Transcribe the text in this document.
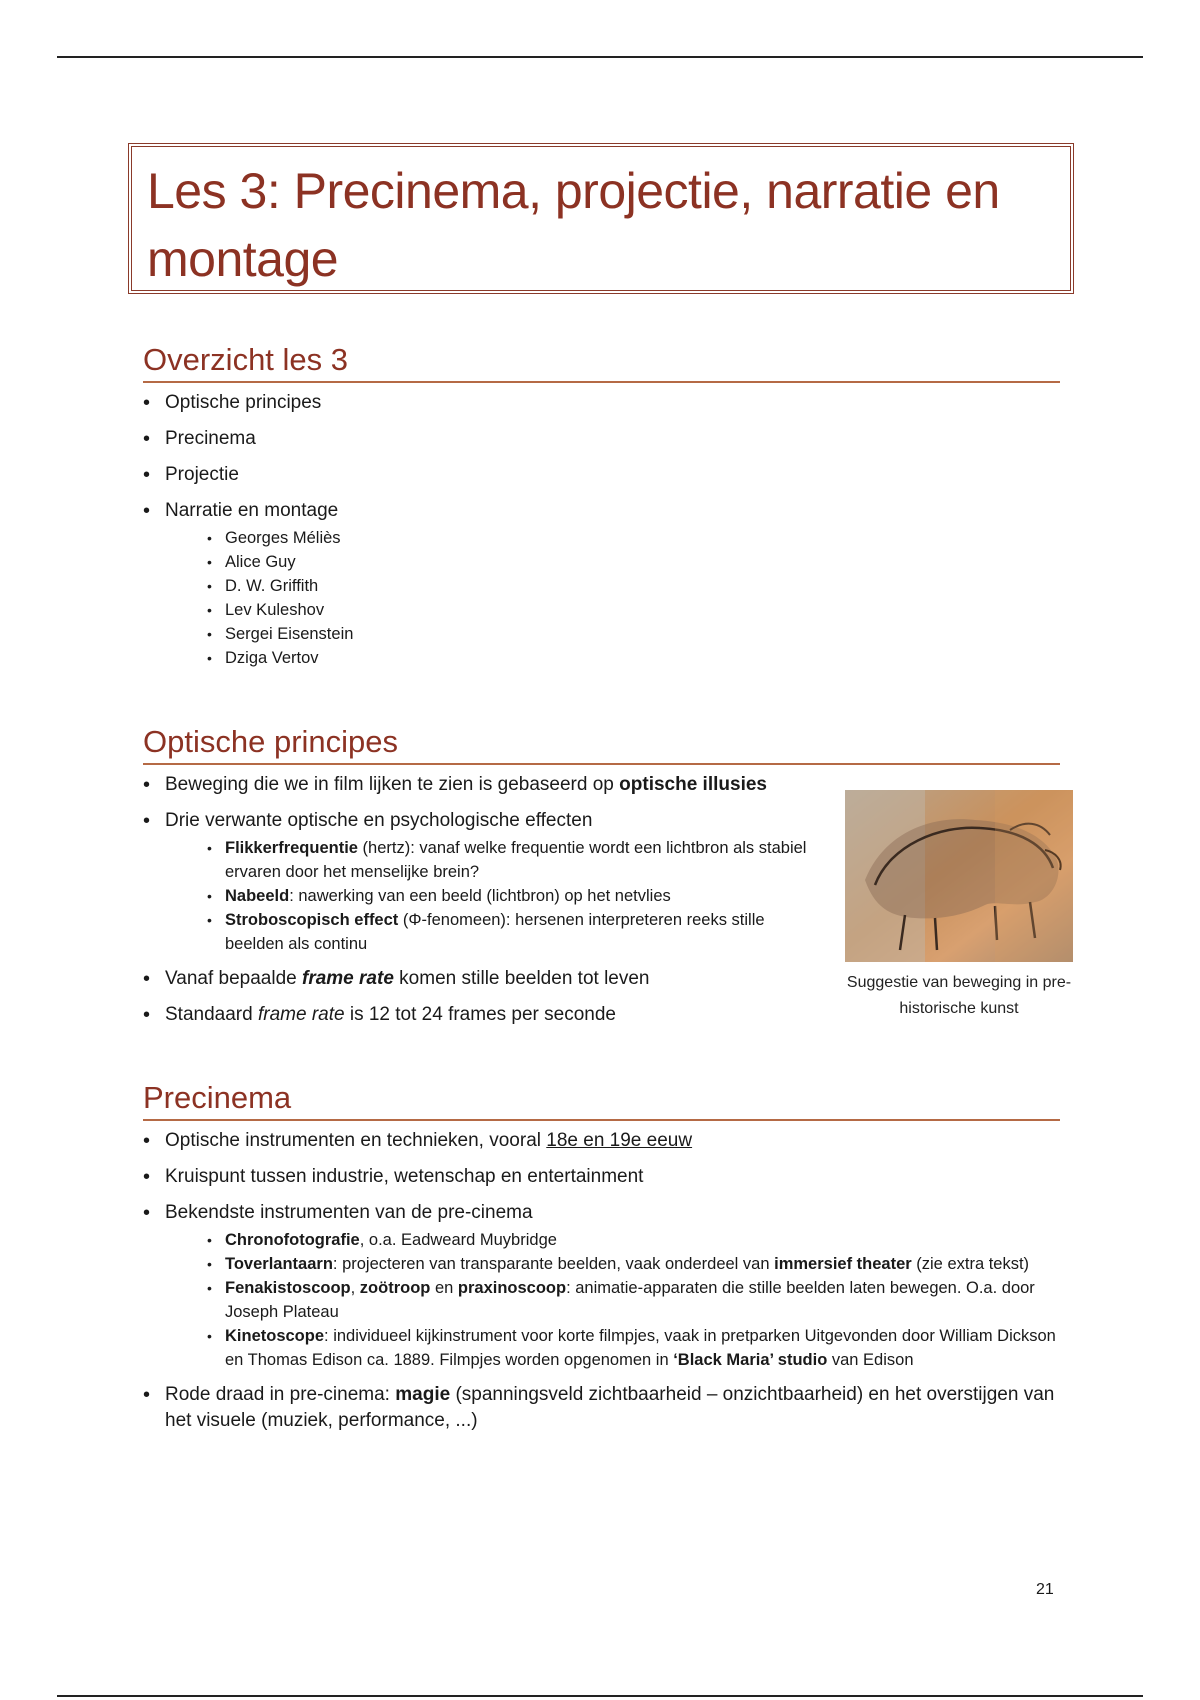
Les 3: Precinema, projectie, narratie en montage
Overzicht les 3
• Optische principes
• Precinema
• Projectie
• Narratie en montage
• Georges Méliès
• Alice Guy
• D. W. Griffith
• Lev Kuleshov
• Sergei Eisenstein
• Dziga Vertov
Optische principes
• Beweging die we in film lijken te zien is gebaseerd op optische illusies
• Drie verwante optische en psychologische effecten
• Flikkerfrequentie (hertz): vanaf welke frequentie wordt een lichtbron als stabiel ervaren door het menselijke brein?
• Nabeeld: nawerking van een beeld (lichtbron) op het netvlies
• Stroboscopisch effect (Φ-fenomeen): hersenen interpreteren reeks stille beelden als continu
• Vanaf bepaalde frame rate komen stille beelden tot leven
• Standaard frame rate is 12 tot 24 frames per seconde
Suggestie van beweging in pre-historische kunst
Precinema
• Optische instrumenten en technieken, vooral 18e en 19e eeuw
• Kruispunt tussen industrie, wetenschap en entertainment
• Bekendste instrumenten van de pre-cinema
• Chronofotografie, o.a. Eadweard Muybridge
• Toverlantaarn: projecteren van transparante beelden, vaak onderdeel van immersief theater (zie extra tekst)
• Fenakistoscoop, zoötroop en praxinoscoop: animatie-apparaten die stille beelden laten bewegen. O.a. door Joseph Plateau
• Kinetoscope: individueel kijkinstrument voor korte filmpjes, vaak in pretparken Uitgevonden door William Dickson en Thomas Edison ca. 1889. Filmpjes worden opgenomen in ‘Black Maria’ studio van Edison
• Rode draad in pre-cinema: magie (spanningsveld zichtbaarheid – onzichtbaarheid) en het overstijgen van het visuele (muziek, performance, ...)
21
